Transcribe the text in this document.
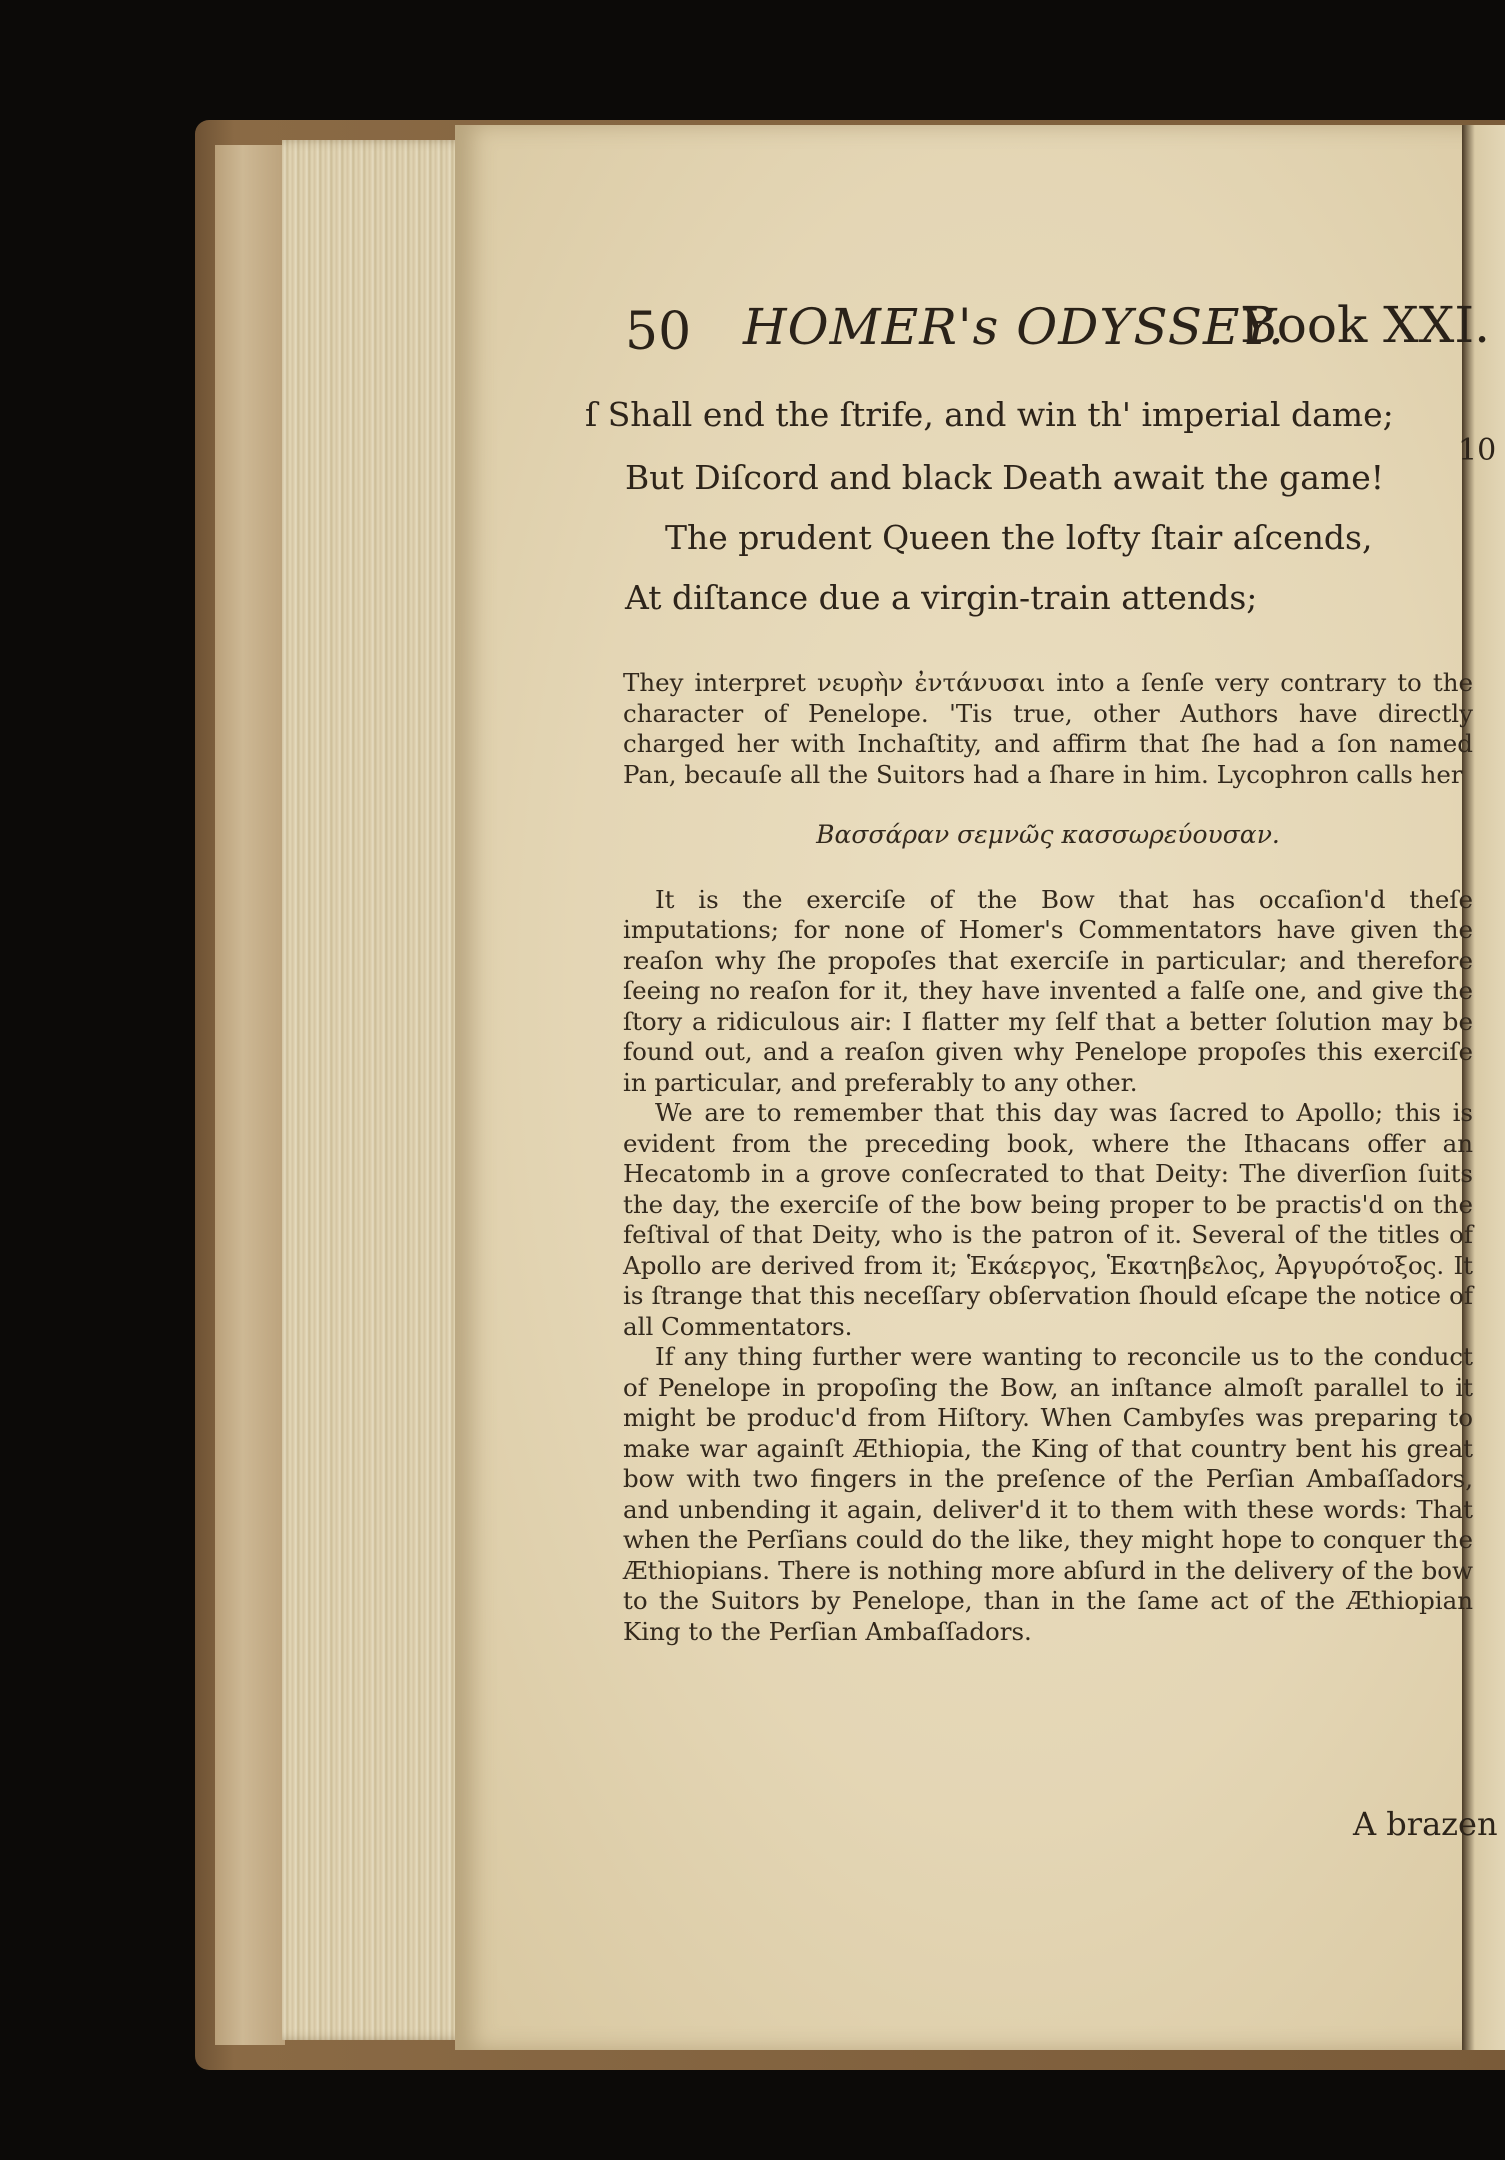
50 HOMER's ODYSSEY.
Book XXI.
ſ Shall end the ſtrife, and win th' imperial dame;
But Diſcord and black Death await the game!
The prudent Queen the lofty ſtair aſcends,
At diſtance due a virgin-train attends;
10

They interpret νευρὴν ἐντάνυσαι into a ſenſe very contrary to the character of Penelope. 'Tis true, other Authors have directly charged her with Inchaſtity, and affirm that ſhe had a ſon named Pan, becauſe all the Suitors had a ſhare in him. Lycophron calls her

Βασσάραν σεμνῶς κασσωρεύουσαν.

It is the exerciſe of the Bow that has occaſion'd theſe imputations; for none of Homer's Commentators have given the reaſon why ſhe propoſes that exerciſe in particular; and therefore ſeeing no reaſon for it, they have invented a falſe one, and give the ſtory a ridiculous air: I flatter my ſelf that a better ſolution may be found out, and a reaſon given why Penelope propoſes this exerciſe in particular, and preferably to any other.

We are to remember that this day was ſacred to Apollo; this is evident from the preceding book, where the Ithacans offer an Hecatomb in a grove conſecrated to that Deity: The diverſion ſuits the day, the exerciſe of the bow being proper to be practis'd on the feſtival of that Deity, who is the patron of it. Several of the titles of Apollo are derived from it; Ἑκάεργος, Ἑκατηβελος, Ἀργυρότοξος. It is ſtrange that this neceſſary obſervation ſhould eſcape the notice of all Commentators.

If any thing further were wanting to reconcile us to the conduct of Penelope in propoſing the Bow, an inſtance almoſt parallel to it might be produc'd from Hiſtory. When Cambyſes was preparing to make war againſt Æthiopia, the King of that country bent his great bow with two fingers in the preſence of the Perſian Ambaſſadors, and unbending it again, deliver'd it to them with these words: That when the Perſians could do the like, they might hope to conquer the Æthiopians. There is nothing more abſurd in the delivery of the bow to the Suitors by Penelope, than in the ſame act of the Æthiopian King to the Perſian Ambaſſadors.

A brazen
